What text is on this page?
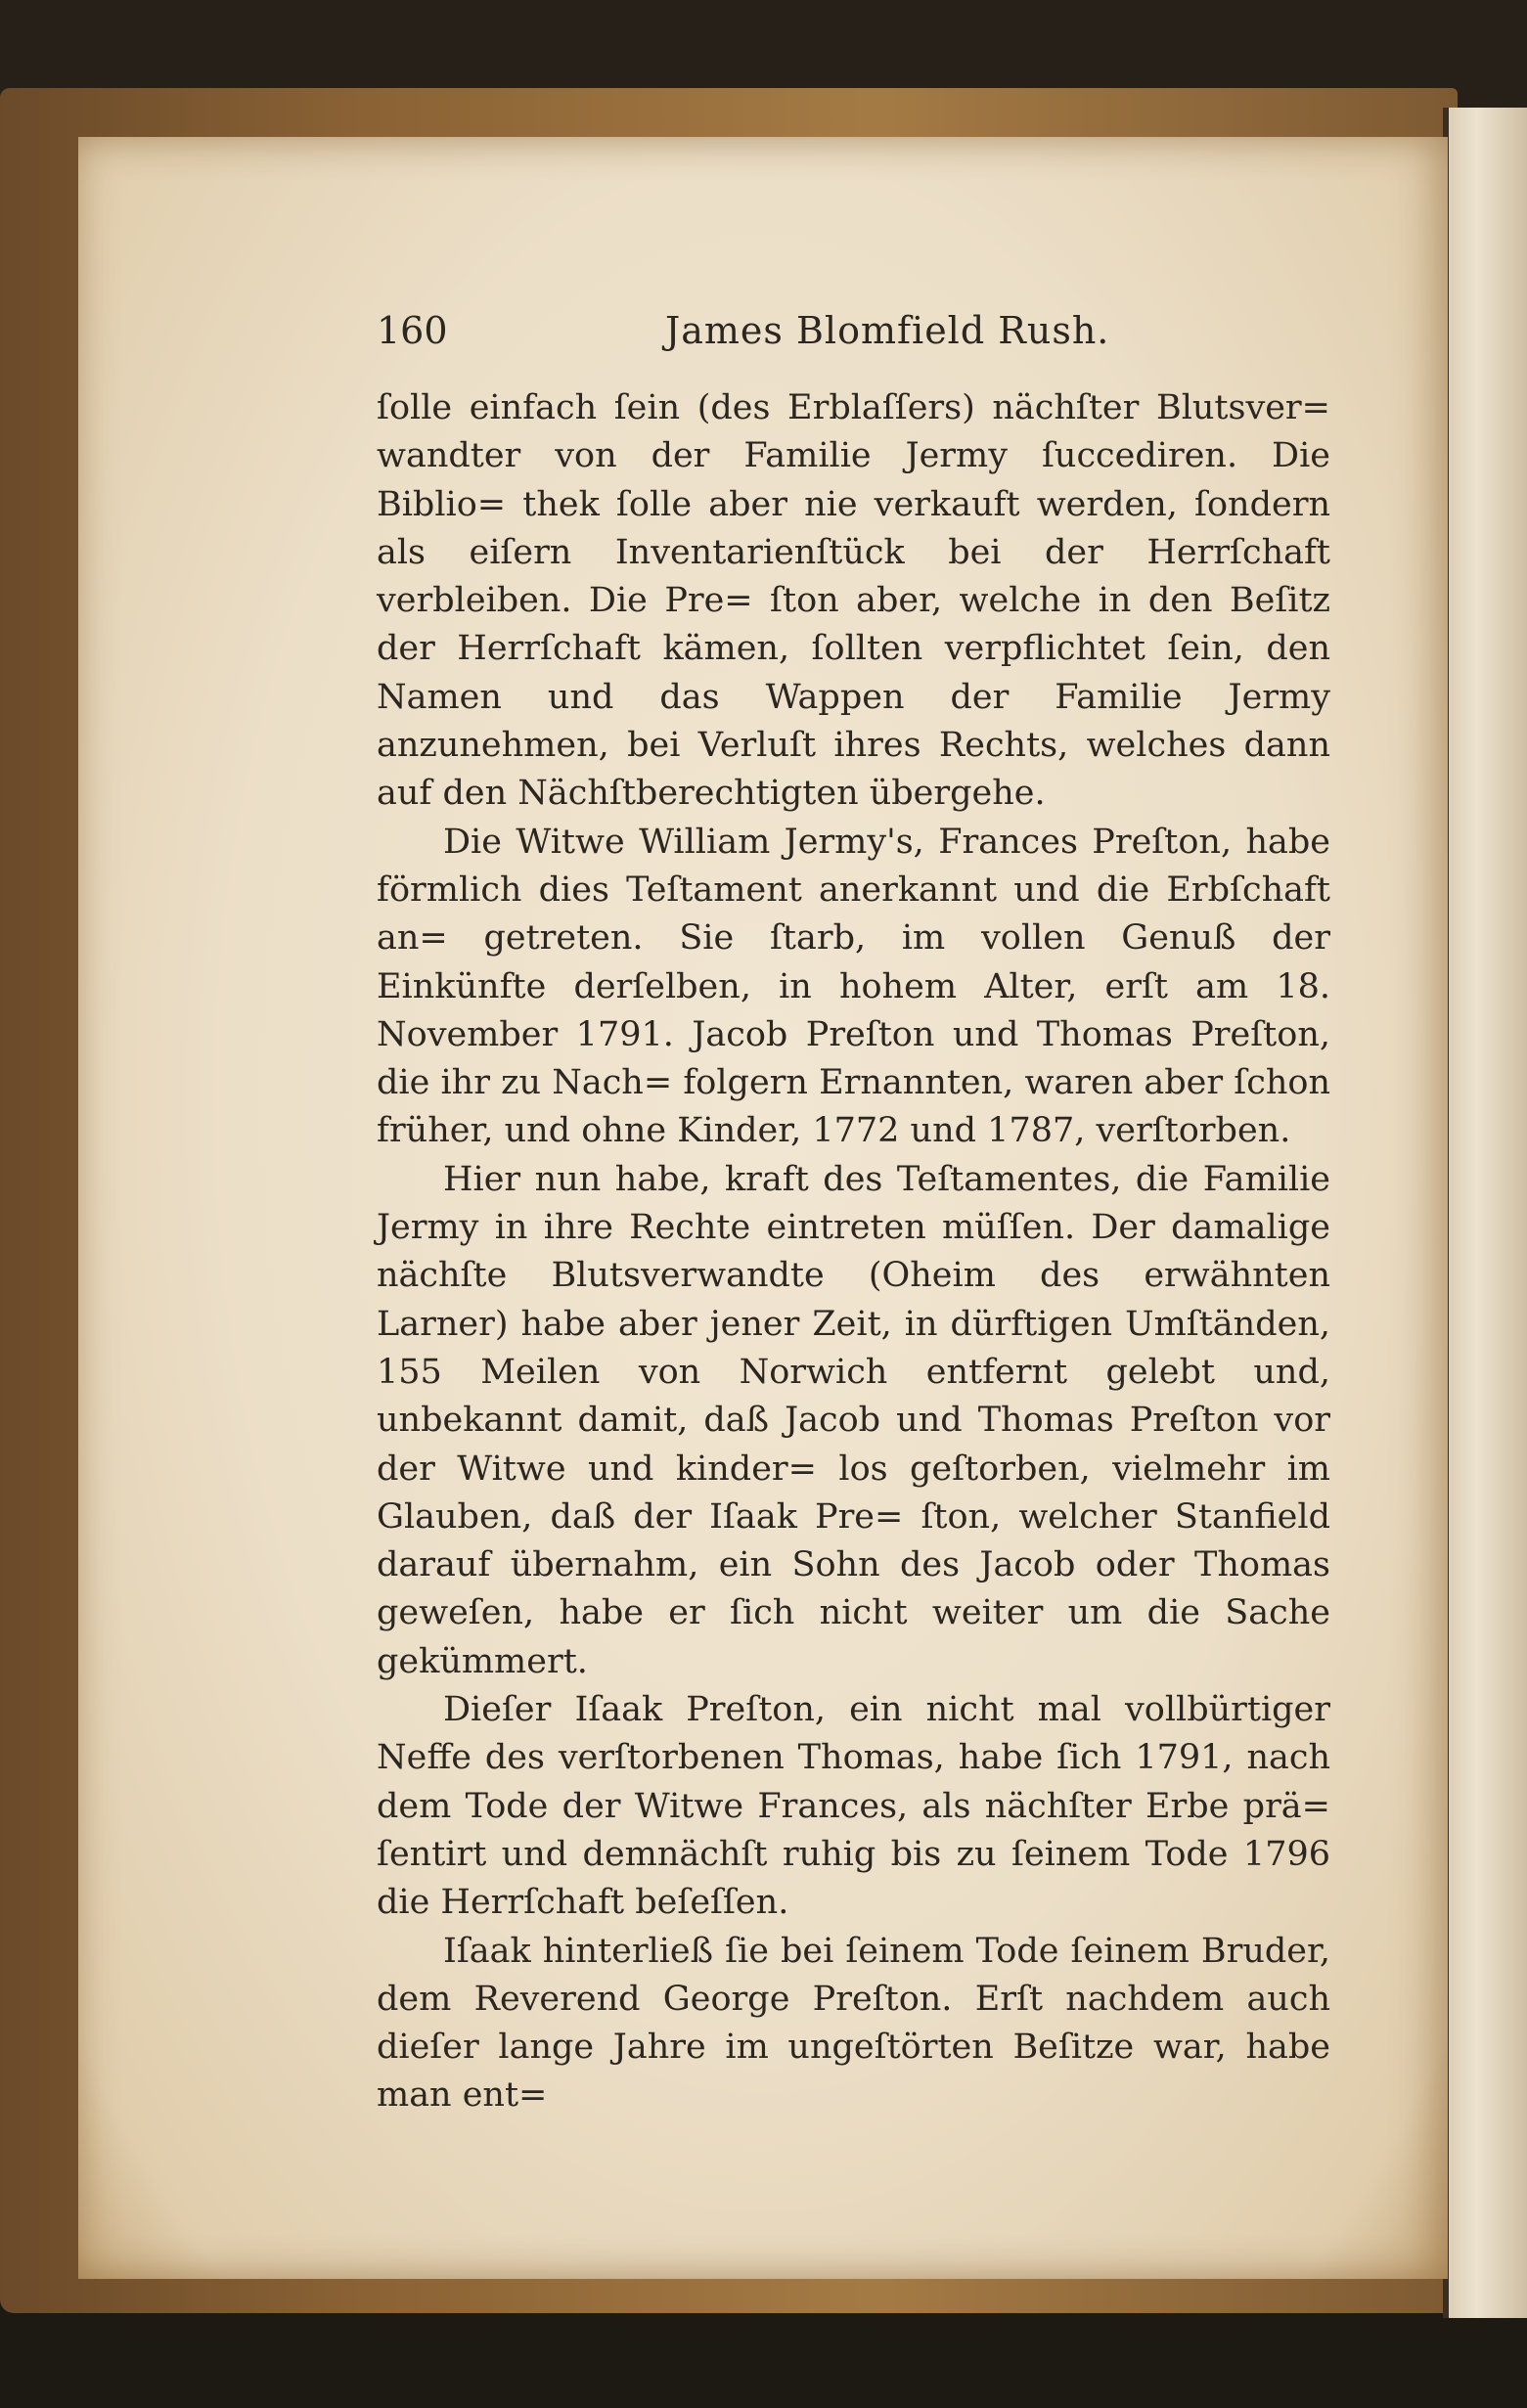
160	James Blomfield Rush.

ſolle einfach ſein (des Erblaſſers) nächſter Blutsver= wandter von der Familie Jermy ſuccediren. Die Biblio= thek ſolle aber nie verkauft werden, ſondern als eiſern Inventarienſtück bei der Herrſchaft verbleiben. Die Pre= ſton aber, welche in den Beſitz der Herrſchaft kämen, ſollten verpflichtet ſein, den Namen und das Wappen der Familie Jermy anzunehmen, bei Verluſt ihres Rechts, welches dann auf den Nächſtberechtigten übergehe.

Die Witwe William Jermy's, Frances Preſton, habe förmlich dies Teſtament anerkannt und die Erbſchaft an= getreten. Sie ſtarb, im vollen Genuß der Einkünfte derſelben, in hohem Alter, erſt am 18. November 1791. Jacob Preſton und Thomas Preſton, die ihr zu Nach= folgern Ernannten, waren aber ſchon früher, und ohne Kinder, 1772 und 1787, verſtorben.

Hier nun habe, kraft des Teſtamentes, die Familie Jermy in ihre Rechte eintreten müſſen. Der damalige nächſte Blutsverwandte (Oheim des erwähnten Larner) habe aber jener Zeit, in dürftigen Umſtänden, 155 Meilen von Norwich entfernt gelebt und, unbekannt damit, daß Jacob und Thomas Preſton vor der Witwe und kinder= los geſtorben, vielmehr im Glauben, daß der Iſaak Pre= ſton, welcher Stanfield darauf übernahm, ein Sohn des Jacob oder Thomas geweſen, habe er ſich nicht weiter um die Sache gekümmert.

Dieſer Iſaak Preſton, ein nicht mal vollbürtiger Neffe des verſtorbenen Thomas, habe ſich 1791, nach dem Tode der Witwe Frances, als nächſter Erbe prä= ſentirt und demnächſt ruhig bis zu ſeinem Tode 1796 die Herrſchaft beſeſſen.

Iſaak hinterließ ſie bei ſeinem Tode ſeinem Bruder, dem Reverend George Preſton. Erſt nachdem auch dieſer lange Jahre im ungeſtörten Beſitze war, habe man ent=
